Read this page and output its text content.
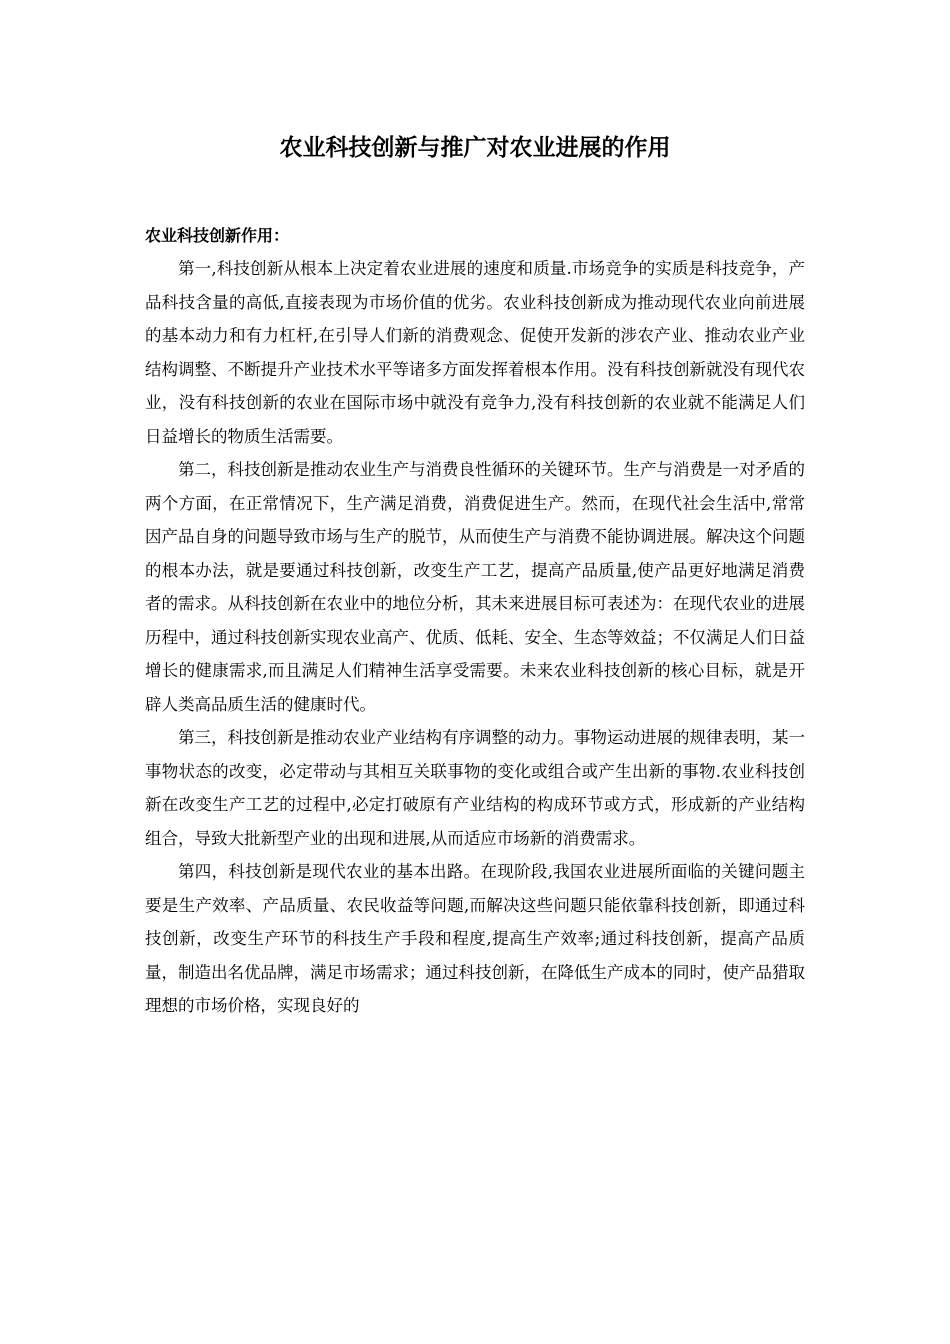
农业科技创新与推广对农业进展的作用
农业科技创新作用：

第一,科技创新从根本上决定着农业进展的速度和质量.市场竞争的实质是科技竞争，产品科技含量的高低,直接表现为市场价值的优劣。农业科技创新成为推动现代农业向前进展的基本动力和有力杠杆,在引导人们新的消费观念、促使开发新的涉农产业、推动农业产业结构调整、不断提升产业技术水平等诸多方面发挥着根本作用。没有科技创新就没有现代农业，没有科技创新的农业在国际市场中就没有竞争力,没有科技创新的农业就不能满足人们日益增长的物质生活需要。

第二，科技创新是推动农业生产与消费良性循环的关键环节。生产与消费是一对矛盾的两个方面，在正常情况下，生产满足消费，消费促进生产。然而，在现代社会生活中,常常因产品自身的问题导致市场与生产的脱节，从而使生产与消费不能协调进展。解决这个问题的根本办法，就是要通过科技创新，改变生产工艺，提高产品质量,使产品更好地满足消费者的需求。从科技创新在农业中的地位分析，其未来进展目标可表述为：在现代农业的进展历程中，通过科技创新实现农业高产、优质、低耗、安全、生态等效益；不仅满足人们日益增长的健康需求,而且满足人们精神生活享受需要。未来农业科技创新的核心目标，就是开辟人类高品质生活的健康时代。

第三，科技创新是推动农业产业结构有序调整的动力。事物运动进展的规律表明，某一事物状态的改变，必定带动与其相互关联事物的变化或组合或产生出新的事物.农业科技创新在改变生产工艺的过程中,必定打破原有产业结构的构成环节或方式，形成新的产业结构组合，导致大批新型产业的出现和进展,从而适应市场新的消费需求。

第四，科技创新是现代农业的基本出路。在现阶段,我国农业进展所面临的关键问题主要是生产效率、产品质量、农民收益等问题,而解决这些问题只能依靠科技创新，即通过科技创新，改变生产环节的科技生产手段和程度,提高生产效率;通过科技创新，提高产品质量，制造出名优品牌，满足市场需求；通过科技创新，在降低生产成本的同时，使产品猎取理想的市场价格，实现良好的
